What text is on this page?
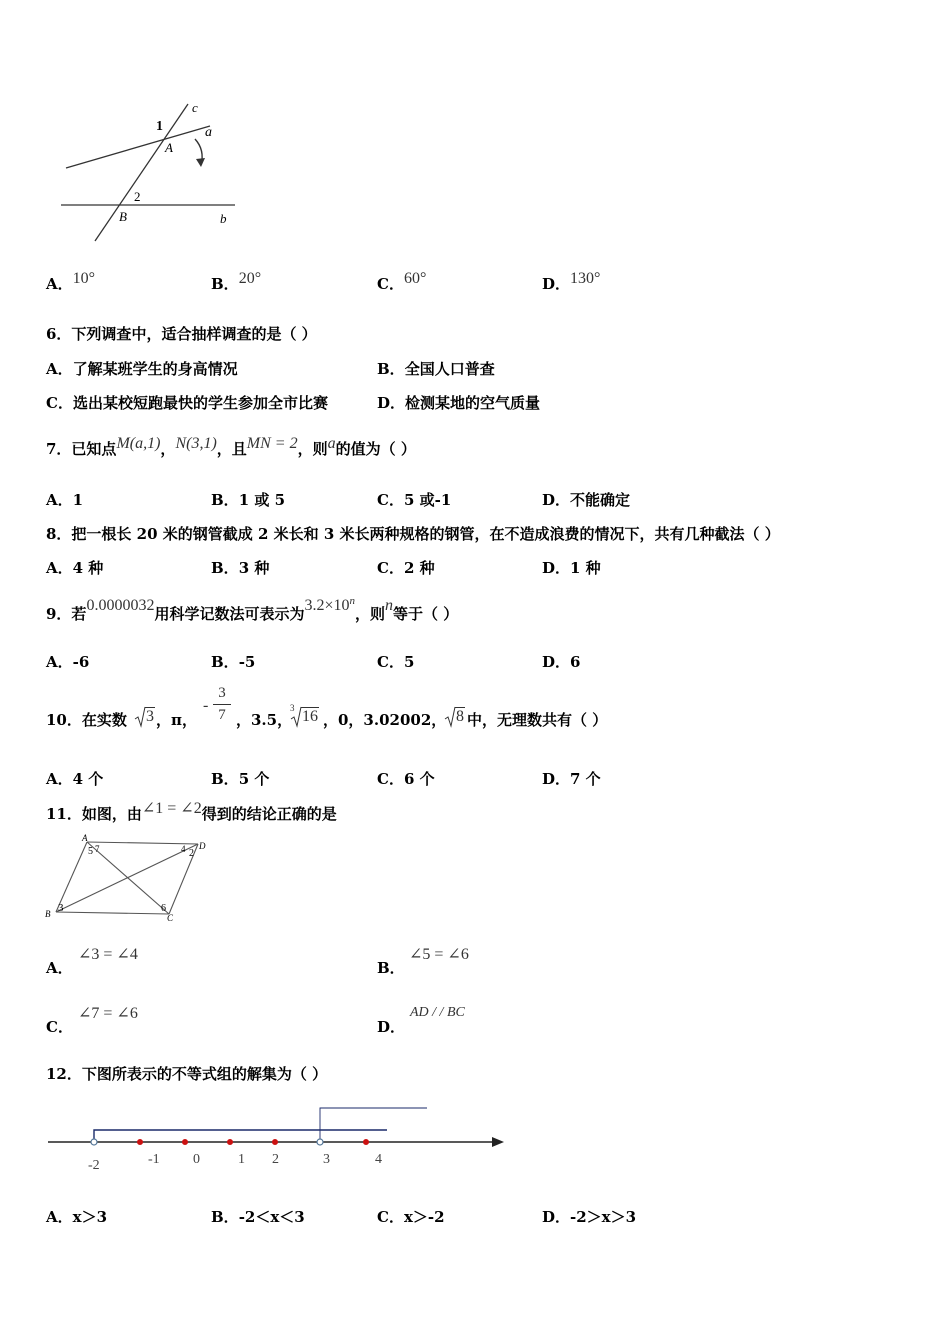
c
1	a
A
2
B	b
A．10°	B．20°	C．60°	D．130°
6．下列调查中，适合抽样调查的是（ ）
A．了解某班学生的身高情况	B．全国人口普查
C．选出某校短跑最快的学生参加全市比赛	D．检测某地的空气质量
7．已知点M(a,1)，N(3,1)，且MN = 2，则a的值为（ ）
A．1	B．1 或 5	C．5 或-1	D．不能确定
8．把一根长 20 米的钢管截成 2 米长和 3 米长两种规格的钢管，在不造成浪费的情况下，共有几种截法（ ）
A．4 种	B．3 种	C．2 种	D．1 种
9．若0.0000032用科学记数法可表示为$3.2\times 10^n$，则n等于（ ）
A．-6	B．-5	C．5	D．6
10．在实数 3 ，π，
-
3
7 ，3.5，
3 16 ，0，3.02002， 8 中，无理数共有（ ）
A．4 个	B．5 个	C．6 个	D．7 个
11．如图，由∠1 = ∠2得到的结论正确的是
A
5 7	4 2
D
B 3	6
C
A．
∠3 = ∠4
B．
∠5 = ∠6
C．
∠7 = ∠6
D．
AD / / BC
12．下图所表示的不等式组的解集为（ ）
-2	-1 0	1 2	3	4
A．x＞3	B．-2＜x＜3	C．x＞-2	D．-2＞x＞3
